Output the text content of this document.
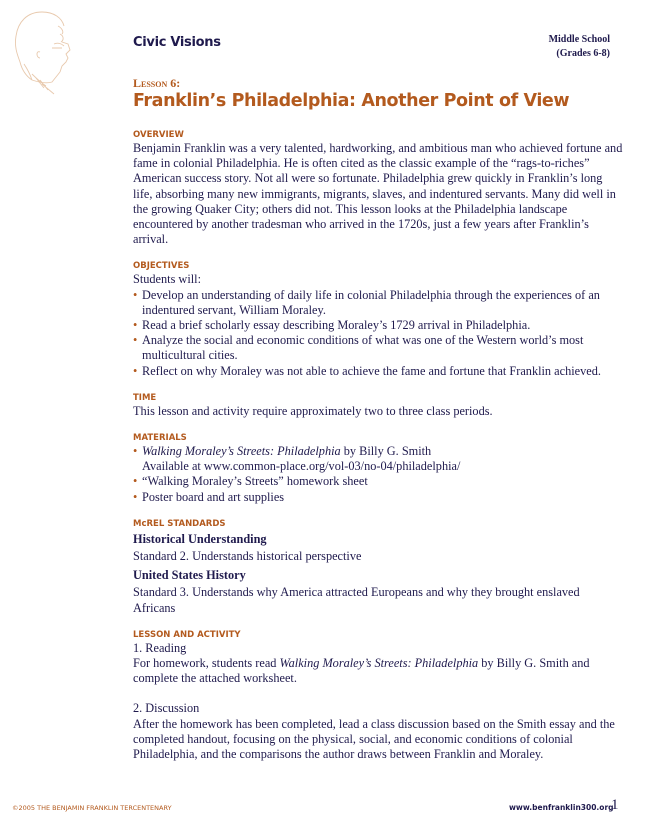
Civic Visions	Middle School

(Grades 6-8)
Lesson 6:
Franklin’s Philadelphia: Another Point of View
OVERVIEW

Benjamin Franklin was a very talented, hardworking, and ambitious man who achieved fortune and fame in colonial Philadelphia. He is often cited as the classic example of the “rags-to-riches” American success story. Not all were so fortunate. Philadelphia grew quickly in Franklin’s long life, absorbing many new immigrants, migrants, slaves, and indentured servants. Many did well in the growing Quaker City; others did not. This lesson looks at the Philadelphia landscape encountered by another tradesman who arrived in the 1720s, just a few years after Franklin’s arrival.

OBJECTIVES

Students will:

• Develop an understanding of daily life in colonial Philadelphia through the experiences of an indentured servant, William Moraley.
• Read a brief scholarly essay describing Moraley’s 1729 arrival in Philadelphia.
• Analyze the social and economic conditions of what was one of the Western world’s most multicultural cities.
• Reflect on why Moraley was not able to achieve the fame and fortune that Franklin achieved.
TIME

This lesson and activity require approximately two to three class periods.

MATERIALS
• Walking Moraley’s Streets: Philadelphia by Billy G. Smith
Available at www.common-place.org/vol-03/no-04/philadelphia/
• “Walking Moraley’s Streets” homework sheet
• Poster board and art supplies
McREL STANDARDS

Historical Understanding

Standard 2. Understands historical perspective

United States History

Standard 3. Understands why America attracted Europeans and why they brought enslaved Africans

LESSON AND ACTIVITY

1. Reading

For homework, students read Walking Moraley’s Streets: Philadelphia by Billy G. Smith and complete the attached worksheet.

2. Discussion

After the homework has been completed, lead a class discussion based on the Smith essay and the completed handout, focusing on the physical, social, and economic conditions of colonial Philadelphia, and the comparisons the author draws between Franklin and Moraley.

©2005 THE BENJAMIN FRANKLIN TERCENTENARY	www.benfranklin300.org
1
